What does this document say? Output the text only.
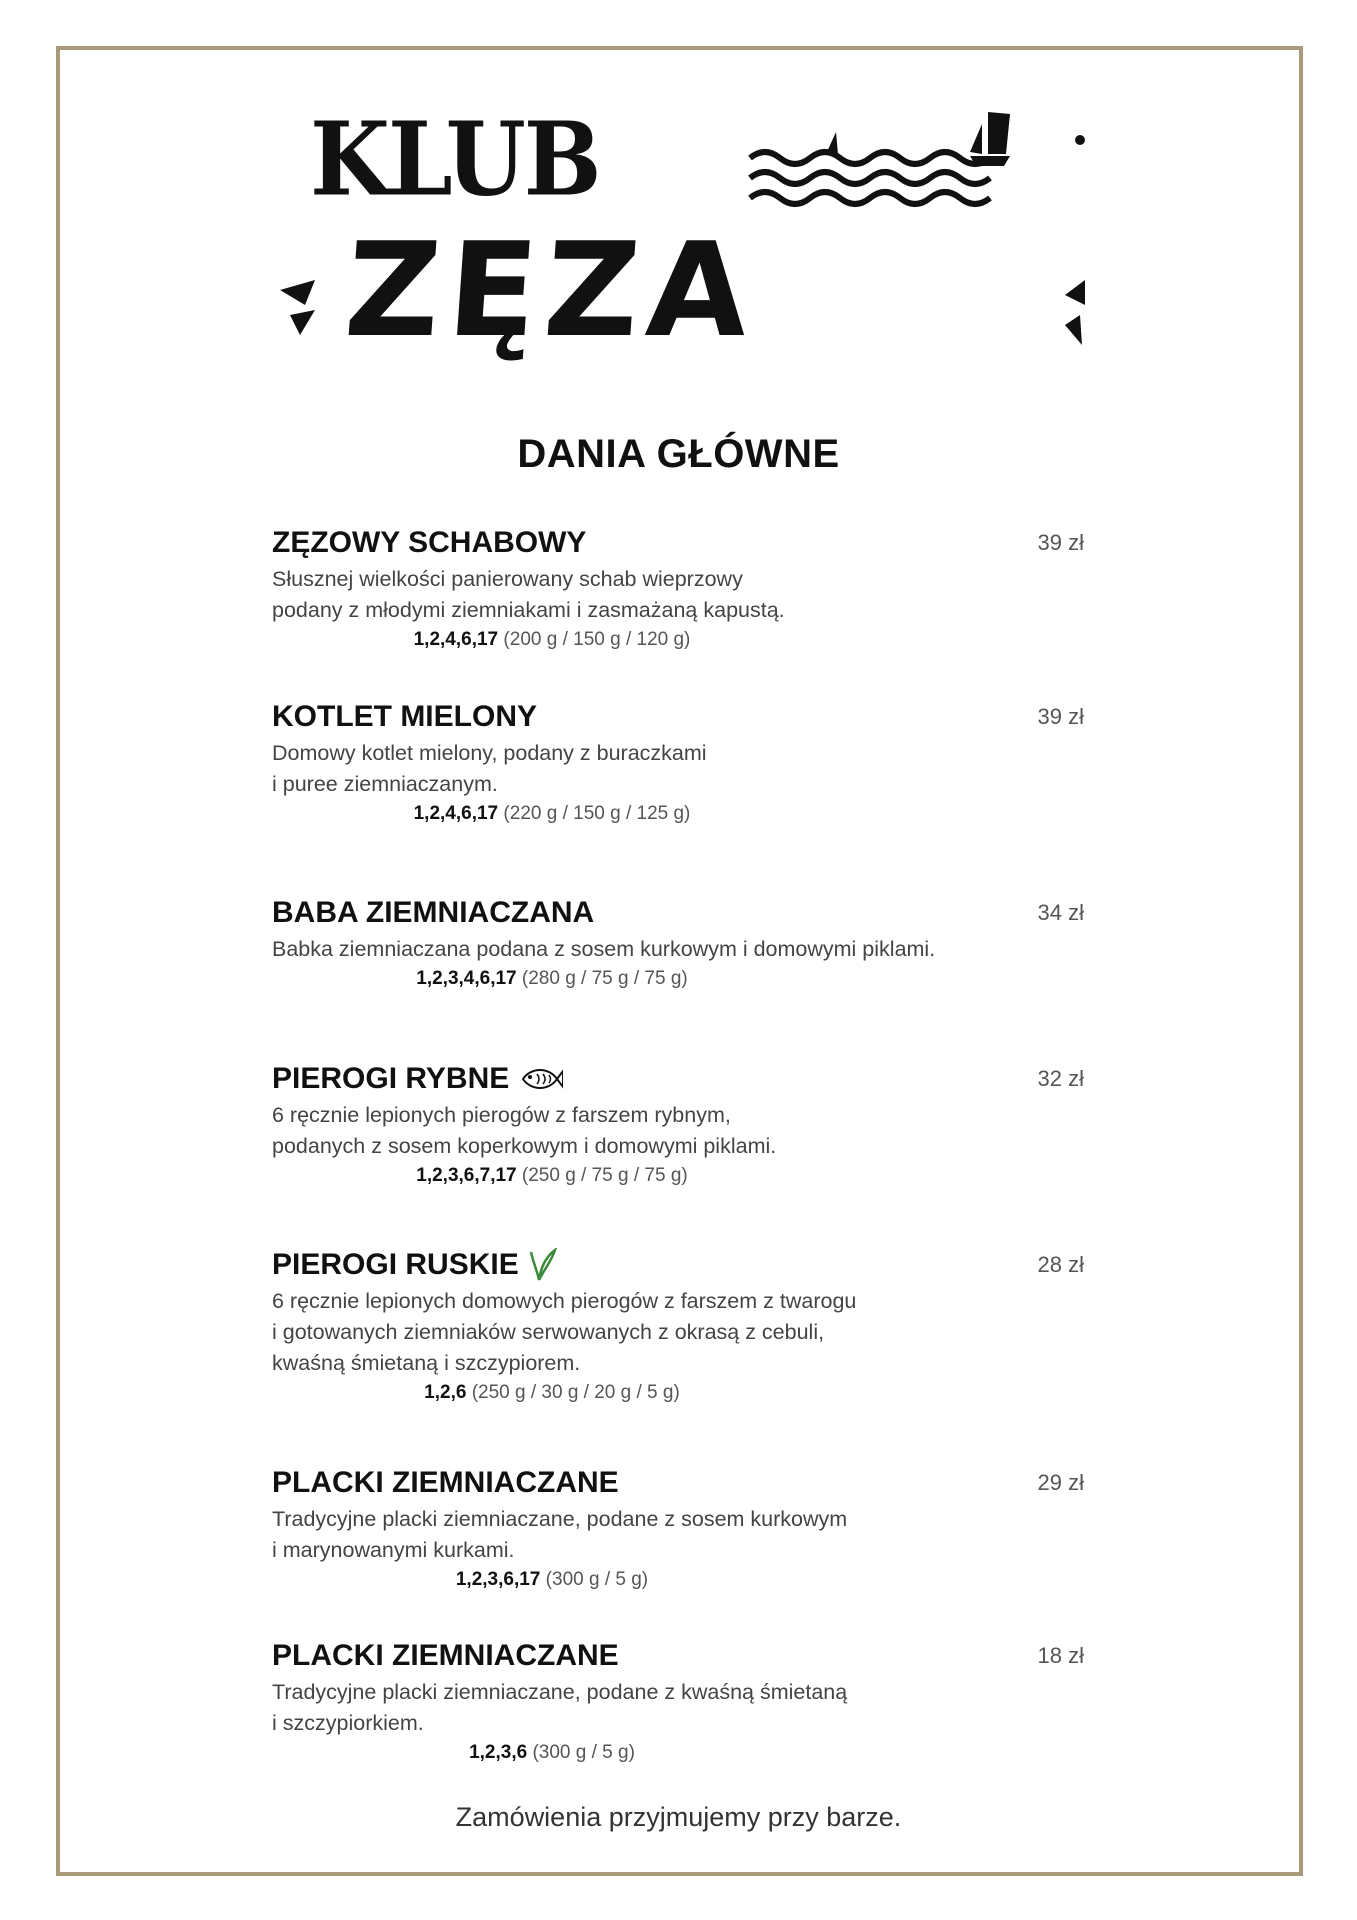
KLUB
ZĘZA
DANIA GŁÓWNE
ZĘZOWY SCHABOWY	39 zł
Słusznej wielkości panierowany schab wieprzowy
podany z młodymi ziemniakami i zasmażaną kapustą.
1,2,4,6,17 (200 g / 150 g / 120 g)
KOTLET MIELONY	39 zł
Domowy kotlet mielony, podany z buraczkami
i puree ziemniaczanym.
1,2,4,6,17 (220 g / 150 g / 125 g)
BABA ZIEMNIACZANA	34 zł
Babka ziemniaczana podana z sosem kurkowym i domowymi piklami.
1,2,3,4,6,17 (280 g / 75 g / 75 g)
PIEROGI RYBNE	32 zł
6 ręcznie lepionych pierogów z farszem rybnym,
podanych z sosem koperkowym i domowymi piklami.
1,2,3,6,7,17 (250 g / 75 g / 75 g)
PIEROGI RUSKIE	28 zł
6 ręcznie lepionych domowych pierogów z farszem z twarogu
i gotowanych ziemniaków serwowanych z okrasą z cebuli,
kwaśną śmietaną i szczypiorem.
1,2,6 (250 g / 30 g / 20 g / 5 g)
PLACKI ZIEMNIACZANE	29 zł
Tradycyjne placki ziemniaczane, podane z sosem kurkowym
i marynowanymi kurkami.
1,2,3,6,17 (300 g / 5 g)
PLACKI ZIEMNIACZANE	18 zł
Tradycyjne placki ziemniaczane, podane z kwaśną śmietaną
i szczypiorkiem.
1,2,3,6 (300 g / 5 g)
Zamówienia przyjmujemy przy barze.
